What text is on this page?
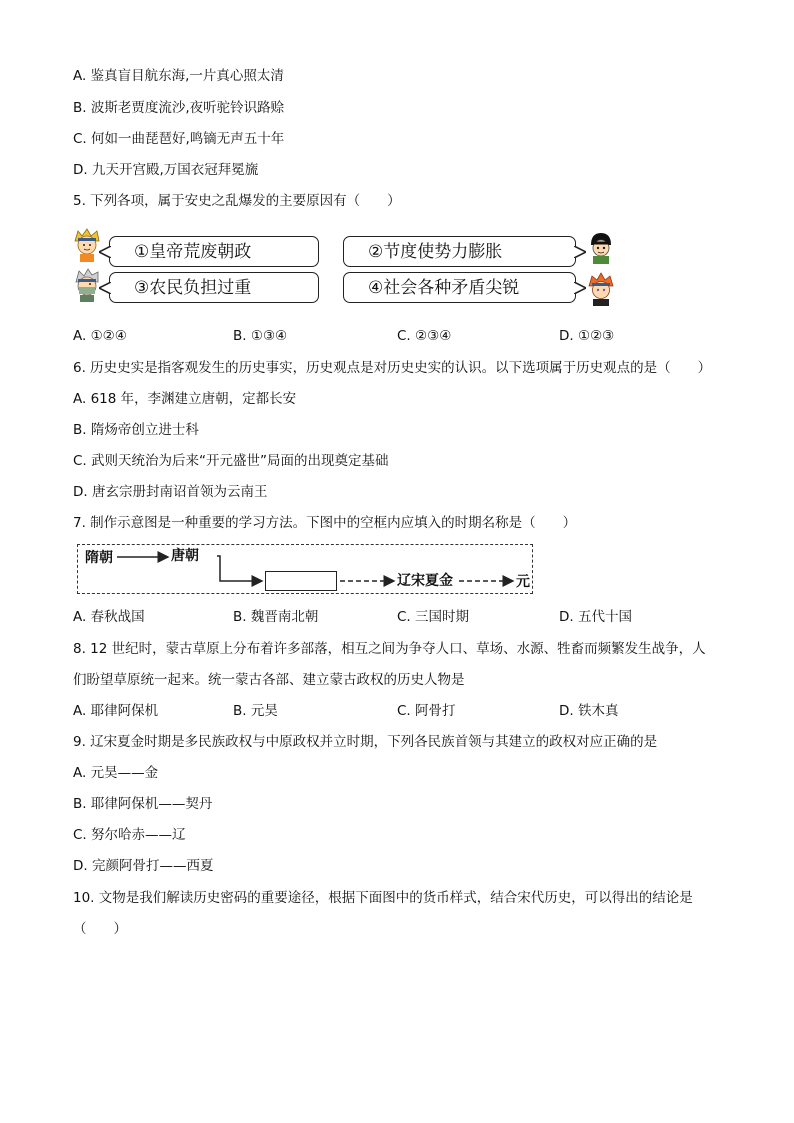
A. 鉴真盲目航东海,一片真心照太清
B. 波斯老贾度流沙,夜听驼铃识路赊
C. 何如一曲琵琶好,鸣镝无声五十年
D. 九天开宫殿,万国衣冠拜冕旒
5. 下列各项，属于安史之乱爆发的主要原因有（　　）
①皇帝荒废朝政	②节度使势力膨胀
③农民负担过重	④社会各种矛盾尖锐
A. ①②④	B. ①③④	C. ②③④	D. ①②③
6. 历史史实是指客观发生的历史事实，历史观点是对历史史实的认识。以下选项属于历史观点的是（　　）
A. 618 年，李渊建立唐朝，定都长安
B. 隋炀帝创立进士科
C. 武则天统治为后来“开元盛世”局面的出现奠定基础
D. 唐玄宗册封南诏首领为云南王
7. 制作示意图是一种重要的学习方法。下图中的空框内应填入的时期名称是（　　）
隋朝	唐朝
辽宋夏金	元
A. 春秋战国	B. 魏晋南北朝	C. 三国时期	D. 五代十国
8. 12 世纪时，蒙古草原上分布着许多部落，相互之间为争夺人口、草场、水源、牲畜而频繁发生战争，人
们盼望草原统一起来。统一蒙古各部、建立蒙古政权的历史人物是
A. 耶律阿保机	B. 元昊	C. 阿骨打	D. 铁木真
9. 辽宋夏金时期是多民族政权与中原政权并立时期，下列各民族首领与其建立的政权对应正确的是
A. 元昊——金
B. 耶律阿保机——契丹
C. 努尔哈赤——辽
D. 完颜阿骨打——西夏
10. 文物是我们解读历史密码的重要途径，根据下面图中的货币样式，结合宋代历史，可以得出的结论是
（　　）
